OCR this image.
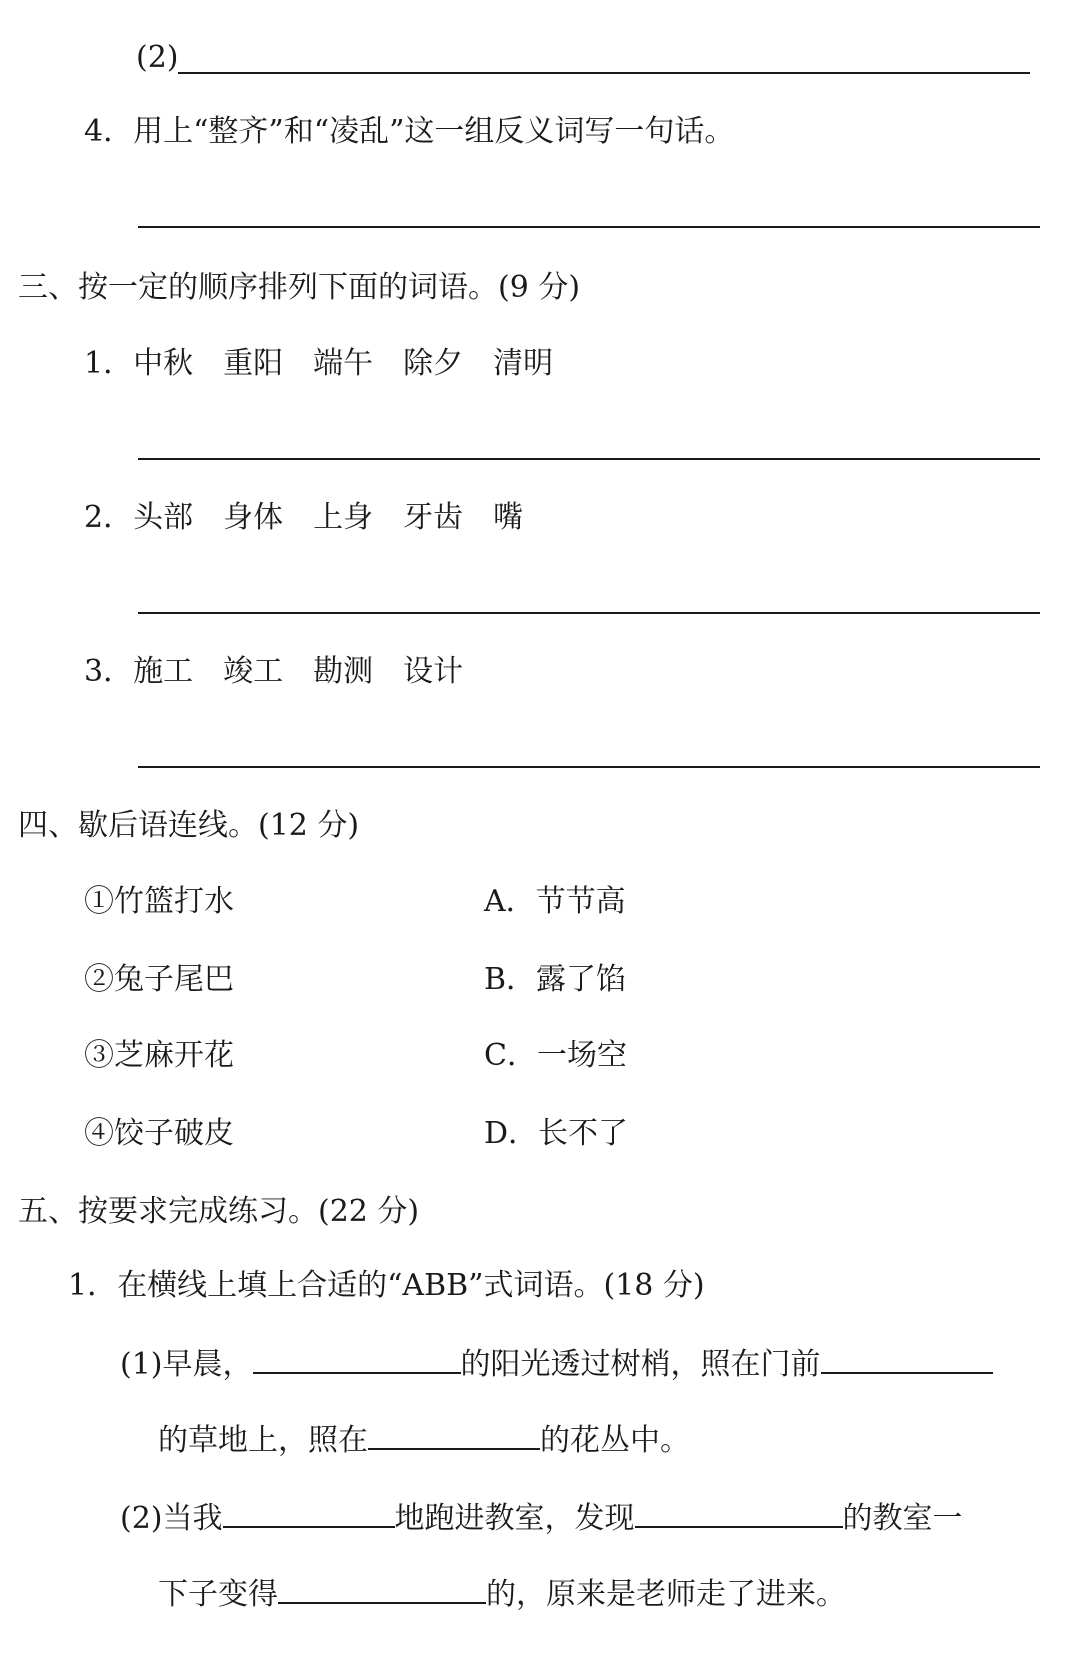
(2)
4．用上“整齐”和“凌乱”这一组反义词写一句话。
三、按一定的顺序排列下面的词语。(9 分)
1．中秋　重阳　端午　除夕　清明
2．头部　身体　上身　牙齿　嘴
3．施工　竣工　勘测　设计
四、歇后语连线。(12 分)
①竹篮打水	A．节节高
②兔子尾巴	B．露了馅
③芝麻开花	C．一场空
④饺子破皮	D．长不了
五、按要求完成练习。(22 分)
1．在横线上填上合适的“ABB”式词语。(18 分)
(1)早晨，	的阳光透过树梢，照在门前
的草地上，照在	的花丛中。
(2)当我	地跑进教室，发现	的教室一
下子变得	的，原来是老师走了进来。
